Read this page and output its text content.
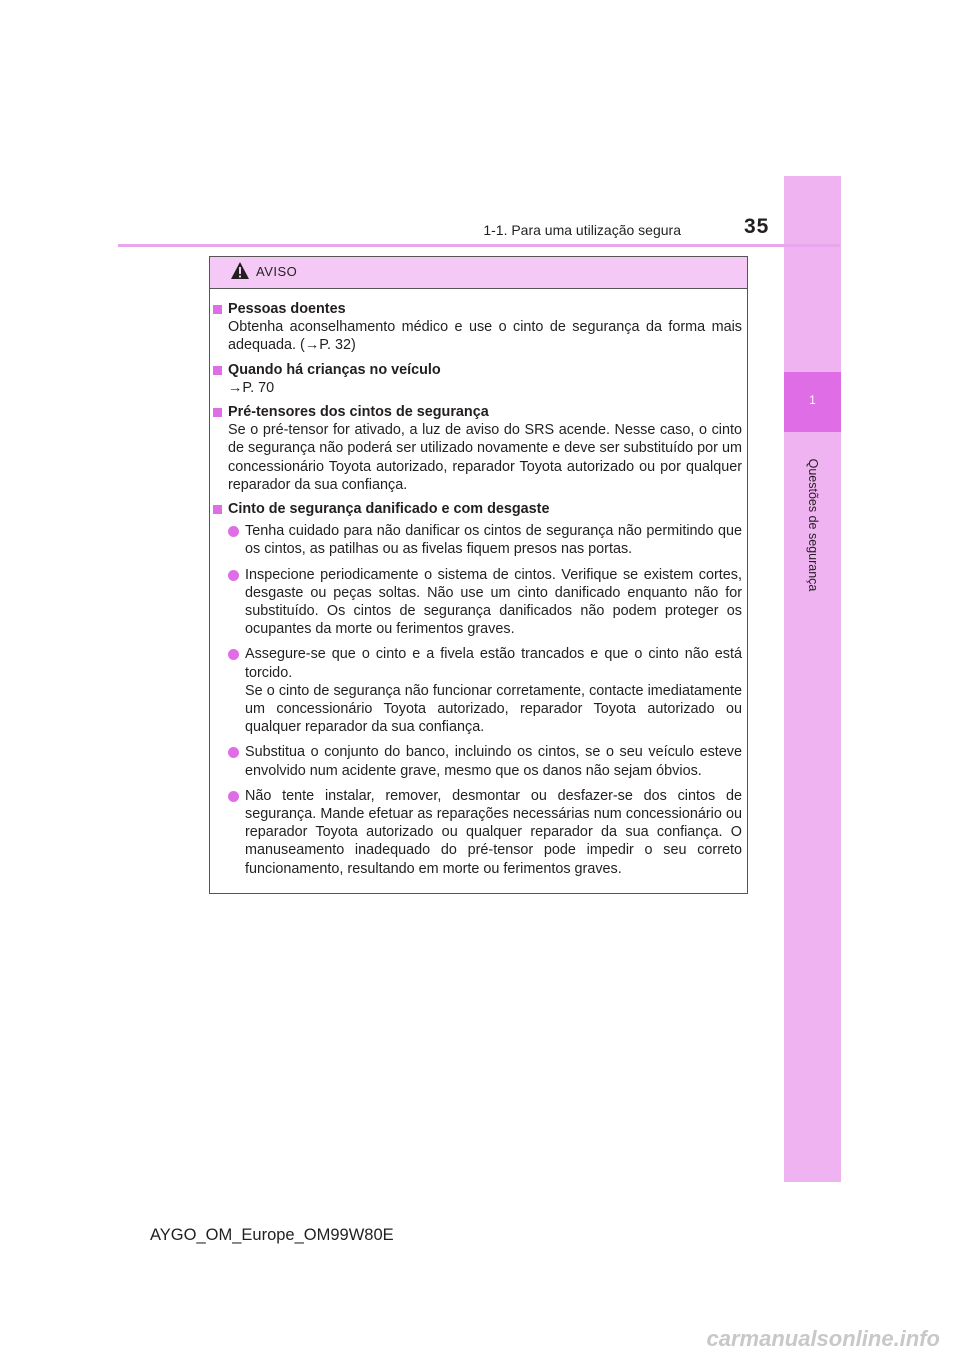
1
Questões de segurança
1-1. Para uma utilização segura	35
AVISO
Pessoas doentes
Obtenha aconselhamento médico e use o cinto de segurança da forma mais adequada. (→P. 32)
Quando há crianças no veículo
→P. 70
Pré-tensores dos cintos de segurança
Se o pré-tensor for ativado, a luz de aviso do SRS acende. Nesse caso, o cinto de segurança não poderá ser utilizado novamente e deve ser substituído por um concessionário Toyota autorizado, reparador Toyota autorizado ou por qualquer reparador da sua confiança.
Cinto de segurança danificado e com desgaste
Tenha cuidado para não danificar os cintos de segurança não permitindo que os cintos, as patilhas ou as fivelas fiquem presos nas portas.
Inspecione periodicamente o sistema de cintos. Verifique se existem cortes, desgaste ou peças soltas. Não use um cinto danificado enquanto não for substituído. Os cintos de segurança danificados não podem proteger os ocupantes da morte ou ferimentos graves.
Assegure-se que o cinto e a fivela estão trancados e que o cinto não está torcido.
Se o cinto de segurança não funcionar corretamente, contacte imediatamente um concessionário Toyota autorizado, reparador Toyota autorizado ou qualquer reparador da sua confiança.
Substitua o conjunto do banco, incluindo os cintos, se o seu veículo esteve envolvido num acidente grave, mesmo que os danos não sejam óbvios.
Não tente instalar, remover, desmontar ou desfazer-se dos cintos de segurança. Mande efetuar as reparações necessárias num concessionário ou reparador Toyota autorizado ou qualquer reparador da sua confiança. O manuseamento inadequado do pré-tensor pode impedir o seu correto funcionamento, resultando em morte ou ferimentos graves.
AYGO_OM_Europe_OM99W80E
carmanualsonline.info
